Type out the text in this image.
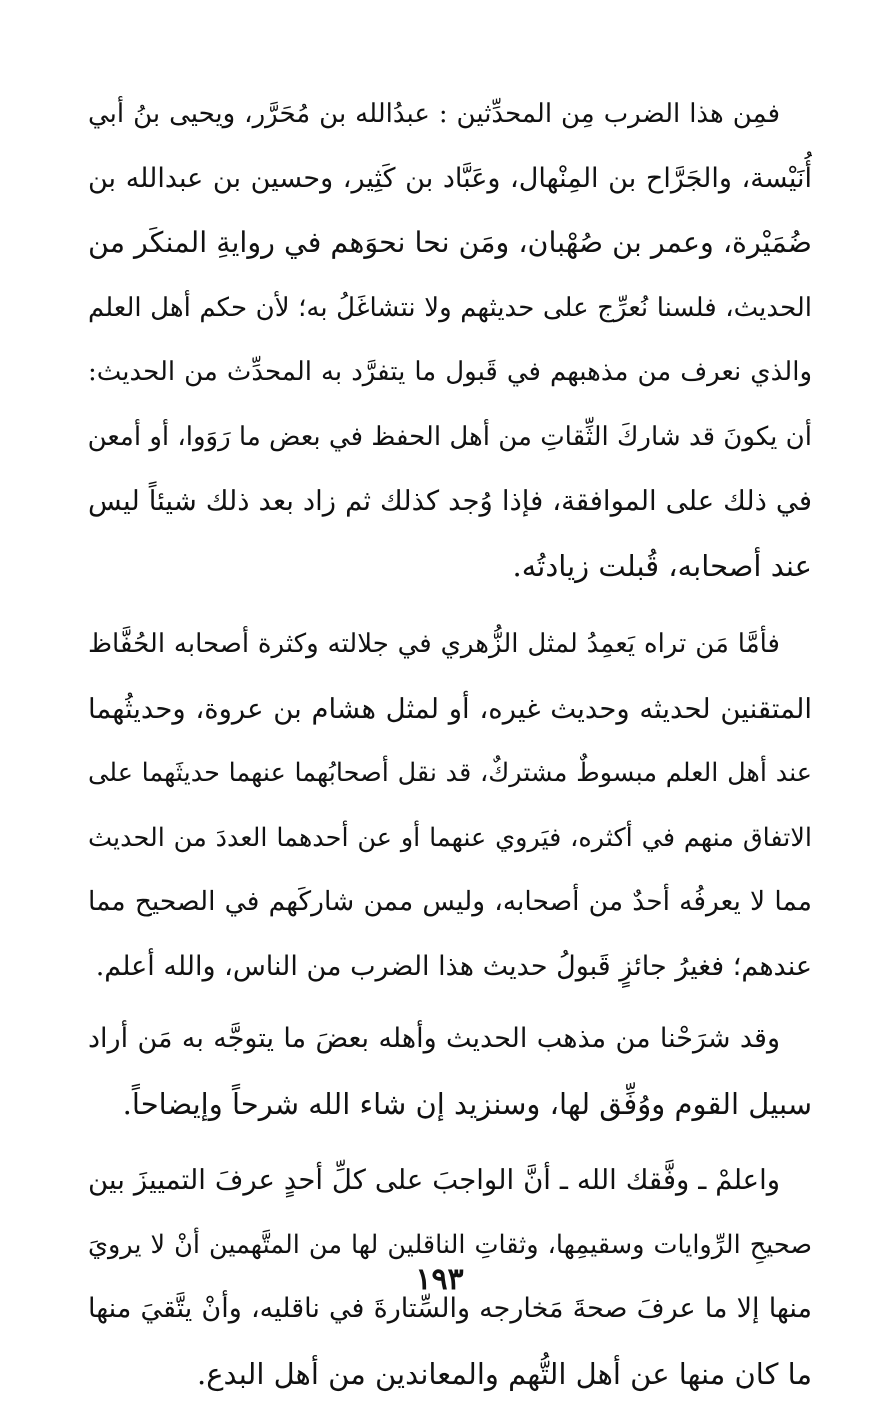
فمِن هذا الضرب مِن المحدِّثين : عبدُالله بن مُحَرَّر، ويحيى بنُ أبي
أُنَيْسة، والجَرَّاح بن المِنْهال، وعَبَّاد بن كَثِير، وحسين بن عبدالله بن
ضُمَيْرة، وعمر بن صُهْبان، ومَن نحا نحوَهم في روايةِ المنكَر من
الحديث، فلسنا نُعرِّج على حديثهم ولا نتشاغَلُ به؛ لأن حكم أهل العلم
والذي نعرف من مذهبهم في قَبول ما يتفرَّد به المحدِّث من الحديث:
أن يكونَ قد شاركَ الثِّقاتِ من أهل الحفظ في بعض ما رَوَوا، أو أمعن
في ذلك على الموافقة، فإذا وُجد كذلك ثم زاد بعد ذلك شيئاً ليس
عند أصحابه، قُبلت زيادتُه.
فأمَّا مَن تراه يَعمِدُ لمثل الزُّهري في جلالته وكثرة أصحابه الحُفَّاظ
المتقنين لحديثه وحديث غيره، أو لمثل هشام بن عروة، وحديثُهما
عند أهل العلم مبسوطٌ مشتركٌ، قد نقل أصحابُهما عنهما حديثَهما على
الاتفاق منهم في أكثره، فيَروي عنهما أو عن أحدهما العددَ من الحديث
مما لا يعرفُه أحدٌ من أصحابه، وليس ممن شاركَهم في الصحيح مما
عندهم؛ فغيرُ جائزٍ قَبولُ حديث هذا الضرب من الناس، والله أعلم.
وقد شرَحْنا من مذهب الحديث وأهله بعضَ ما يتوجَّه به مَن أراد
سبيل القوم ووُفِّق لها، وسنزيد إن شاء الله شرحاً وإيضاحاً.
واعلمْ ـ وفَّقك الله ـ أنَّ الواجبَ على كلِّ أحدٍ عرفَ التمييزَ بين
صحيحِ الرِّوايات وسقيمِها، وثقاتِ الناقلين لها من المتَّهمين أنْ لا يرويَ
منها إلا ما عرفَ صحةَ مَخارجه والسِّتارةَ في ناقليه، وأنْ يتَّقيَ منها
ما كان منها عن أهل التُّهم والمعاندين من أهل البدع.
١٩٣
